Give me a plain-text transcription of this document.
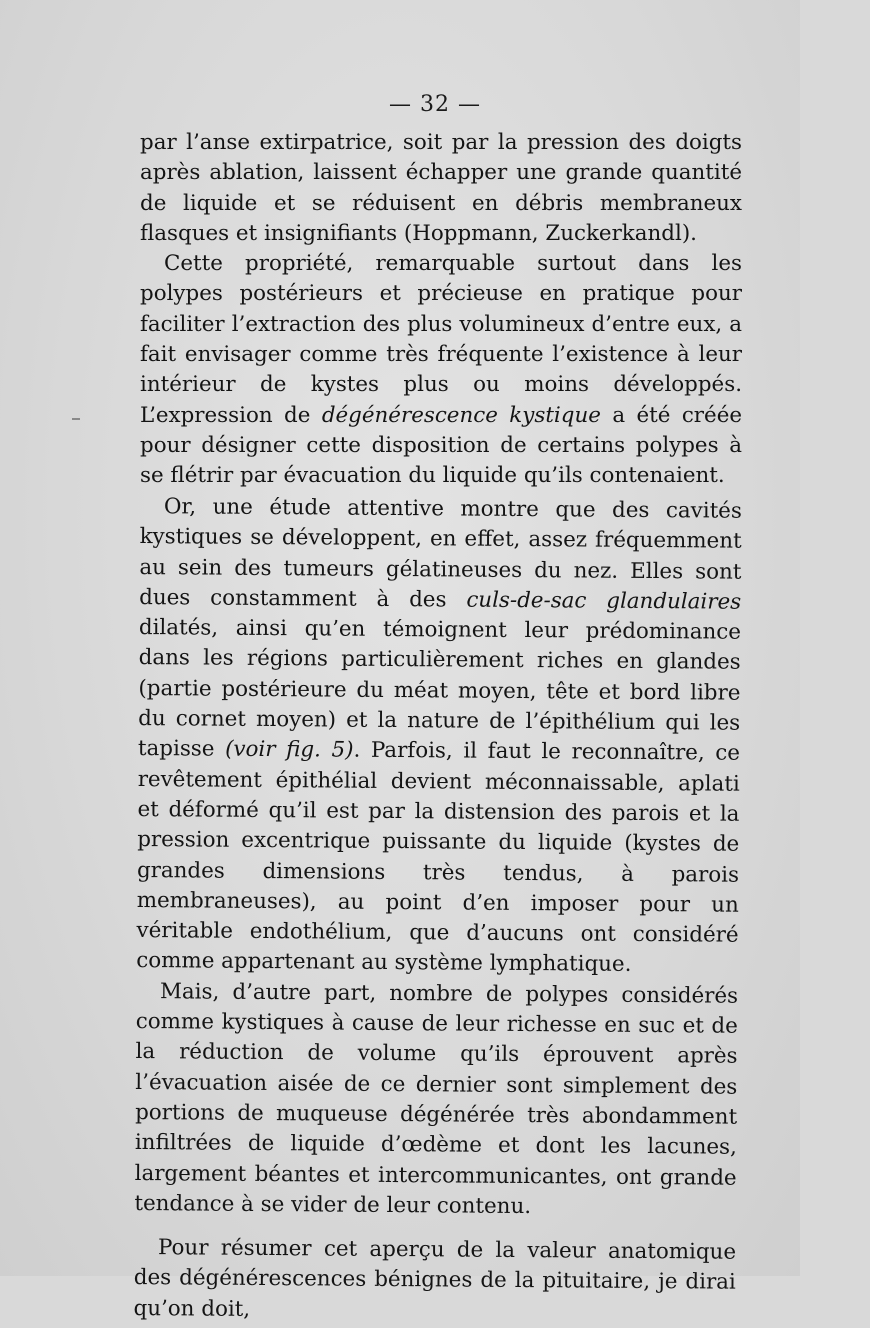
— 32 —

par l’anse extirpatrice, soit par la pression des doigts après ablation, laissent échapper une grande quantité de liquide et se réduisent en débris membraneux flasques et insignifiants (Hoppmann, Zuckerkandl).

Cette propriété, remarquable surtout dans les polypes postérieurs et précieuse en pratique pour faciliter l’extraction des plus volumineux d’entre eux, a fait envisager comme très fréquente l’existence à leur intérieur de kystes plus ou moins développés. L’expression de dégénérescence kystique a été créée pour désigner cette disposition de certains polypes à se flétrir par évacuation du liquide qu’ils contenaient.

Or, une étude attentive montre que des cavités kystiques se développent, en effet, assez fréquemment au sein des tumeurs gélatineuses du nez. Elles sont dues constamment à des culs-de-sac glandulaires dilatés, ainsi qu’en témoignent leur prédominance dans les régions particulièrement riches en glandes (partie postérieure du méat moyen, tête et bord libre du cornet moyen) et la nature de l’épithélium qui les tapisse (voir fig. 5). Parfois, il faut le reconnaître, ce revêtement épithélial devient méconnaissable, aplati et déformé qu’il est par la distension des parois et la pression excentrique puissante du liquide (kystes de grandes dimensions très tendus, à parois membraneuses), au point d’en imposer pour un véritable endothélium, que d’aucuns ont considéré comme appartenant au système lymphatique.

Mais, d’autre part, nombre de polypes considérés comme kystiques à cause de leur richesse en suc et de la réduction de volume qu’ils éprouvent après l’évacuation aisée de ce dernier sont simplement des portions de muqueuse dégénérée très abondamment infiltrées de liquide d’œdème et dont les lacunes, largement béantes et intercommunicantes, ont grande tendance à se vider de leur contenu.

Pour résumer cet aperçu de la valeur anatomique des dégénérescences bénignes de la pituitaire, je dirai qu’on doit,
